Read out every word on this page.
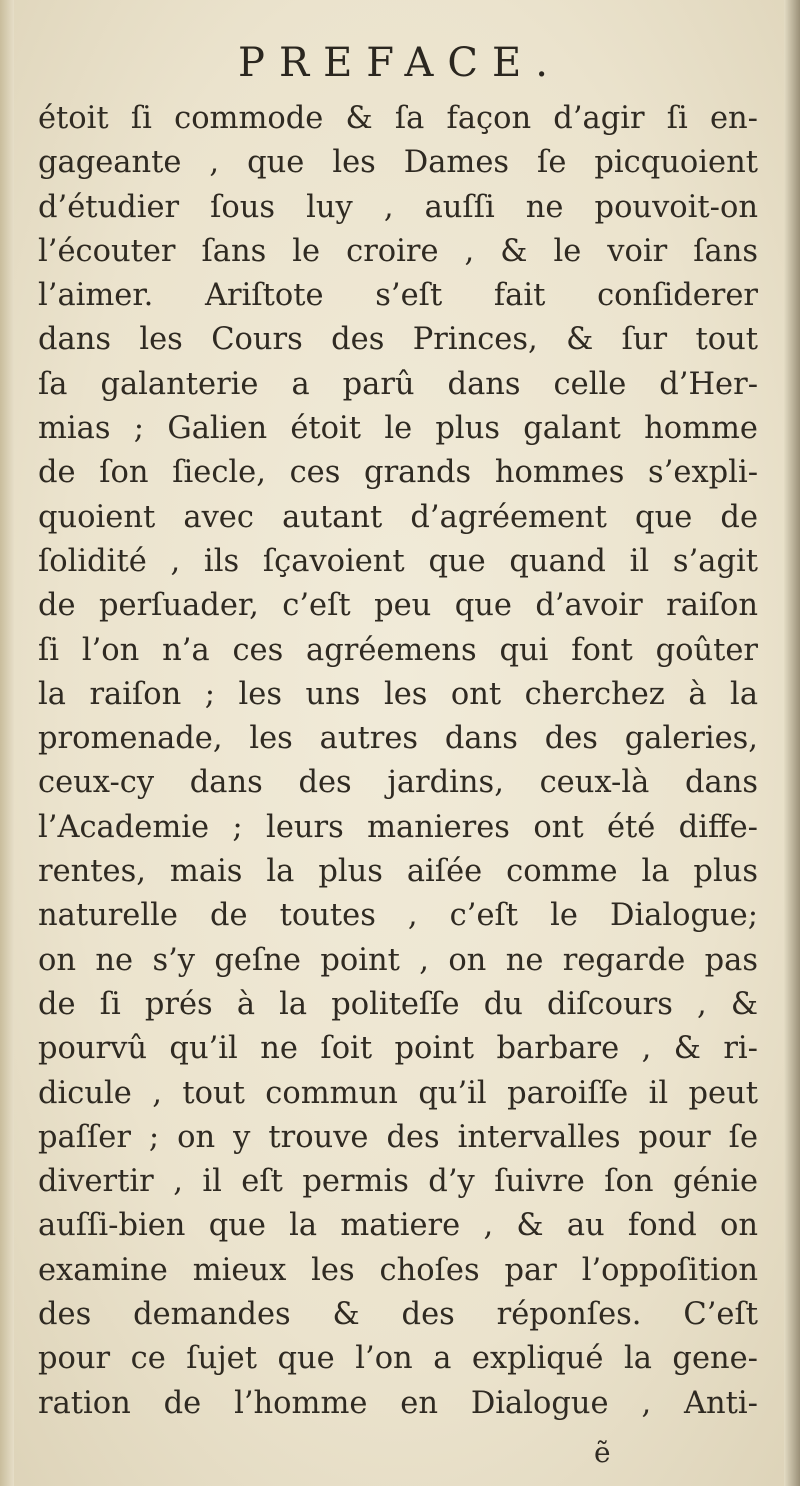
PREFACE.
étoit ſi commode & ſa façon d’agir ſi en-
gageante , que les Dames ſe picquoient
d’étudier ſous luy , auſſi ne pouvoit-on
l’écouter ſans le croire , & le voir ſans
l’aimer. Ariſtote s’eſt fait conſiderer
dans les Cours des Princes, & ſur tout
ſa galanterie a parû dans celle d’Her-
mias ; Galien étoit le plus galant homme
de ſon ſiecle, ces grands hommes s’expli-
quoient avec autant d’agréement que de
ſolidité , ils ſçavoient que quand il s’agit
de perſuader, c’eſt peu que d’avoir raiſon
ſi l’on n’a ces agréemens qui font goûter
la raiſon ; les uns les ont cherchez à la
promenade, les autres dans des galeries,
ceux-cy dans des jardins, ceux-là dans
l’Academie ; leurs manieres ont été diffe-
rentes, mais la plus aiſée comme la plus
naturelle de toutes , c’eſt le Dialogue;
on ne s’y geſne point , on ne regarde pas
de ſi prés à la politeſſe du diſcours , &
pourvû qu’il ne ſoit point barbare , & ri-
dicule , tout commun qu’il paroiſſe il peut
paſſer ; on y trouve des intervalles pour ſe
divertir , il eſt permis d’y ſuivre ſon génie
auſſi-bien que la matiere , & au fond on
examine mieux les choſes par l’oppoſition
des demandes & des réponſes. C’eſt
pour ce ſujet que l’on a expliqué la gene-
ration de l’homme en Dialogue , Anti-
ẽ
